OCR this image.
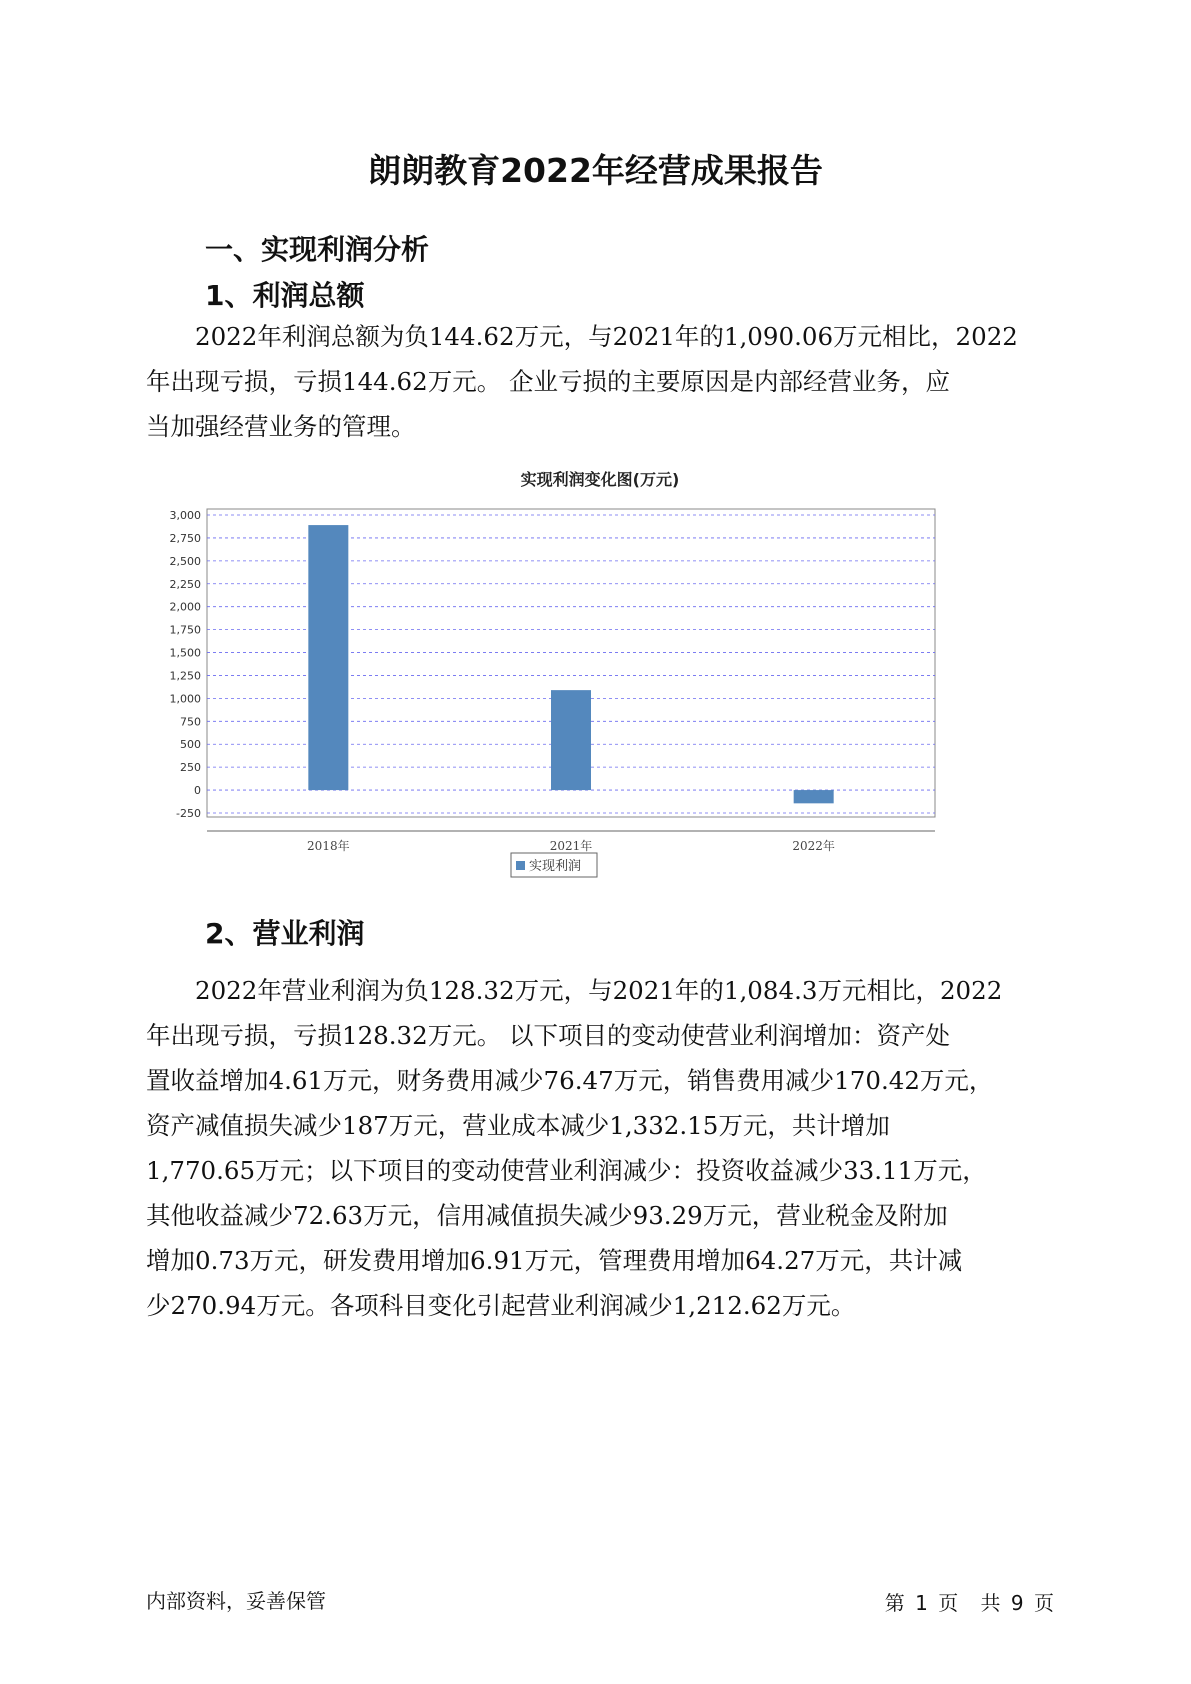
朗朗教育2022年经营成果报告
一、实现利润分析
1、利润总额

2022年利润总额为负144.62万元，与2021年的1,090.06万元相比，2022
年出现亏损，亏损144.62万元。 企业亏损的主要原因是内部经营业务，应
当加强经营业务的管理。

实现利润变化图(万元)
3,000
2,750
2,500
2,250
2,000
1,750
1,500
1,250
1,000
750
500
250
0
-250
2018年	2021年	2022年
实现利润
2、营业利润

2022年营业利润为负128.32万元，与2021年的1,084.3万元相比，2022
年出现亏损，亏损128.32万元。 以下项目的变动使营业利润增加：资产处
置收益增加4.61万元，财务费用减少76.47万元，销售费用减少170.42万元，
资产减值损失减少187万元，营业成本减少1,332.15万元，共计增加
1,770.65万元；以下项目的变动使营业利润减少：投资收益减少33.11万元，
其他收益减少72.63万元，信用减值损失减少93.29万元，营业税金及附加
增加0.73万元，研发费用增加6.91万元，管理费用增加64.27万元，共计减
少270.94万元。各项科目变化引起营业利润减少1,212.62万元。

内部资料，妥善保管	第 1 页 共 9 页
